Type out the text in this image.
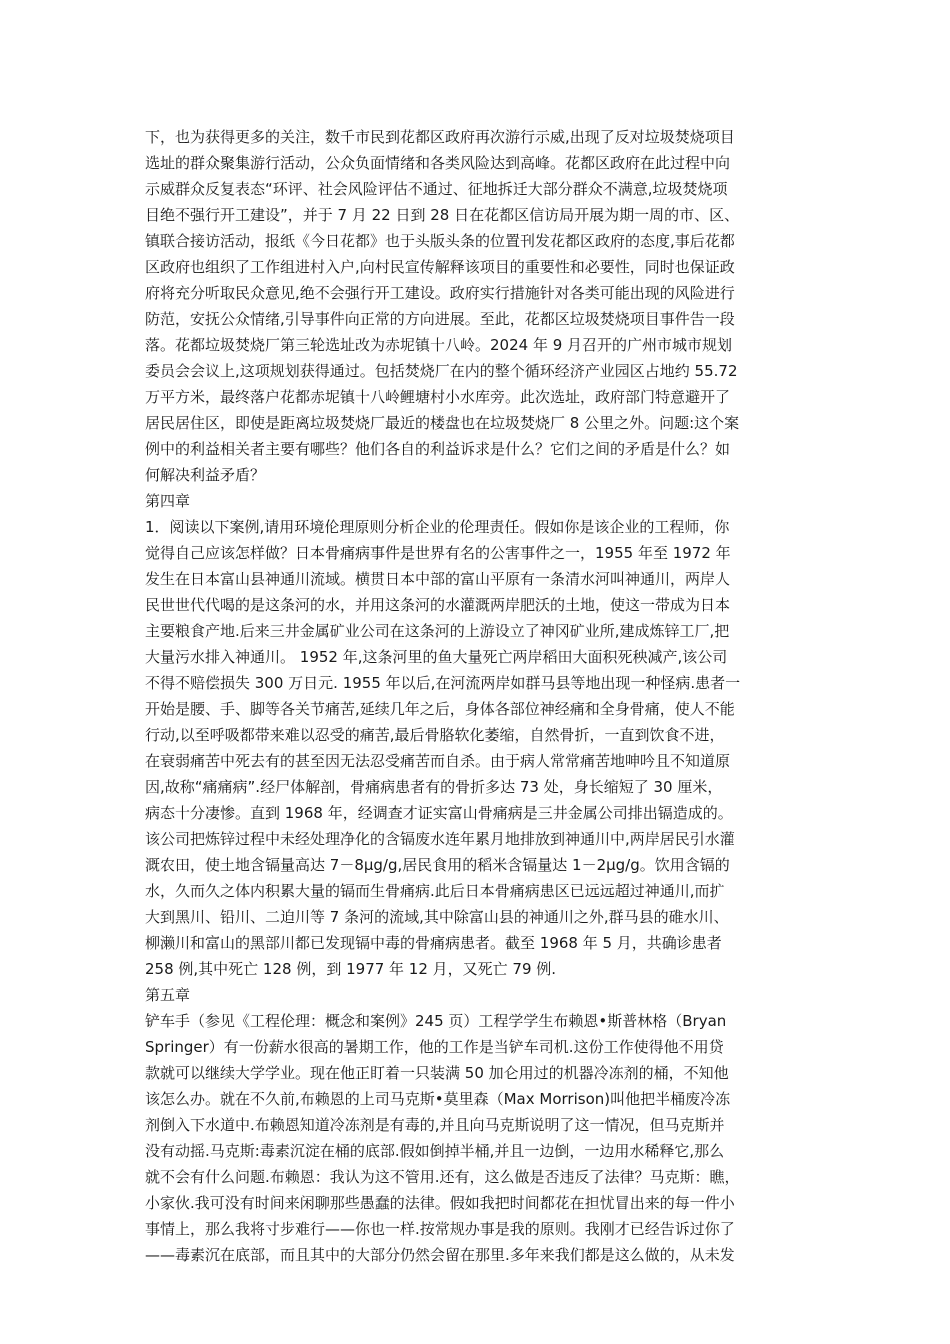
下，也为获得更多的关注，数千市民到花都区政府再次游行示威,出现了反对垃圾焚烧项目
选址的群众聚集游行活动，公众负面情绪和各类风险达到高峰。花都区政府在此过程中向
示威群众反复表态“环评、社会风险评估不通过、征地拆迁大部分群众不满意,垃圾焚烧项
目绝不强行开工建设”，并于 7 月 22 日到 28 日在花都区信访局开展为期一周的市、区、
镇联合接访活动，报纸《今日花都》也于头版头条的位置刊发花都区政府的态度,事后花都
区政府也组织了工作组进村入户,向村民宣传解释该项目的重要性和必要性，同时也保证政
府将充分听取民众意见,绝不会强行开工建设。政府实行措施针对各类可能出现的风险进行
防范，安抚公众情绪,引导事件向正常的方向进展。至此，花都区垃圾焚烧项目事件告一段
落。花都垃圾焚烧厂第三轮选址改为赤坭镇十八岭。2024 年 9 月召开的广州市城市规划
委员会会议上,这项规划获得通过。包括焚烧厂在内的整个循环经济产业园区占地约 55.72
万平方米，最终落户花都赤坭镇十八岭鲤塘村小水库旁。此次选址，政府部门特意避开了
居民居住区，即使是距离垃圾焚烧厂最近的楼盘也在垃圾焚烧厂 8 公里之外。问题:这个案
例中的利益相关者主要有哪些？他们各自的利益诉求是什么？它们之间的矛盾是什么？如
何解决利益矛盾？
第四章
1．阅读以下案例,请用环境伦理原则分析企业的伦理责任。假如你是该企业的工程师，你
觉得自己应该怎样做？日本骨痛病事件是世界有名的公害事件之一，1955 年至 1972 年
发生在日本富山县神通川流域。横贯日本中部的富山平原有一条清水河叫神通川，两岸人
民世世代代喝的是这条河的水，并用这条河的水灌溉两岸肥沃的土地，使这一带成为日本
主要粮食产地.后来三井金属矿业公司在这条河的上游设立了神冈矿业所,建成炼锌工厂,把
大量污水排入神通川。 1952 年,这条河里的鱼大量死亡两岸稻田大面积死秧减产,该公司
不得不赔偿损失 300 万日元. 1955 年以后,在河流两岸如群马县等地出现一种怪病.患者一
开始是腰、手、脚等各关节痛苦,延续几年之后，身体各部位神经痛和全身骨痛，使人不能
行动,以至呼吸都带来难以忍受的痛苦,最后骨胳软化萎缩，自然骨折，一直到饮食不进，
在衰弱痛苦中死去有的甚至因无法忍受痛苦而自杀。由于病人常常痛苦地呻吟且不知道原
因,故称“痛痛病”.经尸体解剖，骨痛病患者有的骨折多达 73 处，身长缩短了 30 厘米，
病态十分凄惨。直到 1968 年，经调查才证实富山骨痛病是三井金属公司排出镉造成的。
该公司把炼锌过程中未经处理净化的含镉废水连年累月地排放到神通川中,两岸居民引水灌
溉农田，使土地含镉量高达 7－8μg/g,居民食用的稻米含镉量达 1－2μg/g。饮用含镉的
水，久而久之体内积累大量的镉而生骨痛病.此后日本骨痛病患区已远远超过神通川,而扩
大到黑川、铅川、二迫川等 7 条河的流域,其中除富山县的神通川之外,群马县的碓水川、
柳濑川和富山的黑部川都已发现镉中毒的骨痛病患者。截至 1968 年 5 月，共确诊患者
258 例,其中死亡 128 例，到 1977 年 12 月，又死亡 79 例.
第五章
铲车手（参见《工程伦理：概念和案例》245 页）工程学学生布赖恩•斯普林格（Bryan
Springer）有一份薪水很高的暑期工作，他的工作是当铲车司机.这份工作使得他不用贷
款就可以继续大学学业。现在他正盯着一只装满 50 加仑用过的机器冷冻剂的桶，不知他
该怎么办。就在不久前,布赖恩的上司马克斯•莫里森（Max Morrison)叫他把半桶废冷冻
剂倒入下水道中.布赖恩知道冷冻剂是有毒的,并且向马克斯说明了这一情况，但马克斯并
没有动摇.马克斯:毒素沉淀在桶的底部.假如倒掉半桶,并且一边倒，一边用水稀释它,那么
就不会有什么问题.布赖恩：我认为这不管用.还有，这么做是否违反了法律？马克斯：瞧，
小家伙.我可没有时间来闲聊那些愚蠢的法律。假如我把时间都花在担忧冒出来的每一件小
事情上，那么我将寸步难行——你也一样.按常规办事是我的原则。我刚才已经告诉过你了
——毒素沉在底部，而且其中的大部分仍然会留在那里.多年来我们都是这么做的，从未发
